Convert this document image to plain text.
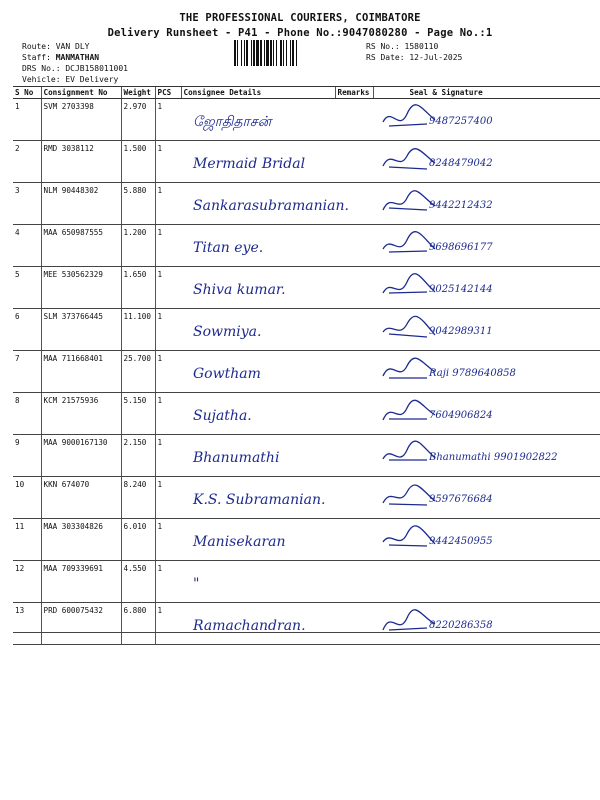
THE PROFESSIONAL COURIERS, COIMBATORE
Delivery Runsheet - P41 - Phone No.:9047080280 - Page No.:1
Route: VAN DLY
Staff: MANMATHAN
DRS No.: DCJB158011001
Vehicle: EV Delivery
RS No.: 1580110
RS Date: 12-Jul-2025
S No	Consignment No	Weight	PCS	Consignee Details	Remarks	Seal & Signature
1	SVM 2703398	2.970	1	ஜோதிதாசன்		9487257400

2	RMD 3038112	1.500	1	Mermaid Bridal		8248479042

3	NLM 90448302	5.880	1	Sankarasubramanian.		9442212432

4	MAA 650987555	1.200	1	Titan eye.		9698696177

5	MEE 530562329	1.650	1	Shiva kumar.		9025142144

6	SLM 373766445	11.100	1	Sowmiya.		9042989311

7	MAA 711668401	25.700	1	Gowtham		Raji 9789640858

8	KCM 21575936	5.150	1	Sujatha.		7604906824

9	MAA 9000167130	2.150	1	Bhanumathi		Bhanumathi 9901902822

10	KKN 674070	8.240	1	K.S. Subramanian.		9597676684

11	MAA 303304826	6.010	1	Manisekaran		9442450955

12	MAA 709339691	4.550	1	"

13	PRD 600075432	6.800	1	Ramachandran.		8220286358
